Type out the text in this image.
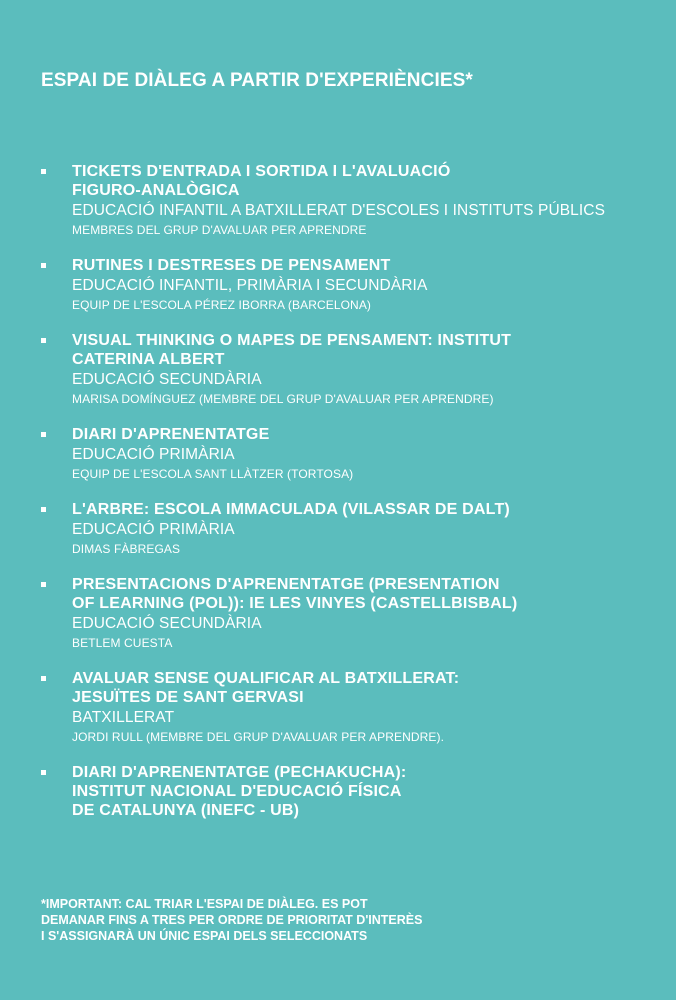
ESPAI DE DIÀLEG A PARTIR D'EXPERIÈNCIES*
TICKETS D'ENTRADA I SORTIDA I L'AVALUACIÓ
FIGURO-ANALÒGICA
EDUCACIÓ INFANTIL A BATXILLERAT D'ESCOLES I INSTITUTS PÚBLICS
MEMBRES DEL GRUP D'AVALUAR PER APRENDRE
RUTINES I DESTRESES DE PENSAMENT
EDUCACIÓ INFANTIL, PRIMÀRIA I SECUNDÀRIA
EQUIP DE L'ESCOLA PÉREZ IBORRA (BARCELONA)
VISUAL THINKING O MAPES DE PENSAMENT: INSTITUT
CATERINA ALBERT
EDUCACIÓ SECUNDÀRIA
MARISA DOMÍNGUEZ (MEMBRE DEL GRUP D'AVALUAR PER APRENDRE)
DIARI D'APRENENTATGE
EDUCACIÓ PRIMÀRIA
EQUIP DE L'ESCOLA SANT LLÀTZER (TORTOSA)
L'ARBRE: ESCOLA IMMACULADA (VILASSAR DE DALT)
EDUCACIÓ PRIMÀRIA
DIMAS FÀBREGAS
PRESENTACIONS D'APRENENTATGE (PRESENTATION
OF LEARNING (POL)): IE LES VINYES (CASTELLBISBAL)
EDUCACIÓ SECUNDÀRIA
BETLEM CUESTA
AVALUAR SENSE QUALIFICAR AL BATXILLERAT:
JESUÏTES DE SANT GERVASI
BATXILLERAT
JORDI RULL (MEMBRE DEL GRUP D'AVALUAR PER APRENDRE).
DIARI D'APRENENTATGE (PECHAKUCHA):
INSTITUT NACIONAL D'EDUCACIÓ FÍSICA
DE CATALUNYA (INEFC - UB)
*IMPORTANT: CAL TRIAR L'ESPAI DE DIÀLEG. ES POT
DEMANAR FINS A TRES PER ORDRE DE PRIORITAT D'INTERÈS
I S'ASSIGNARÀ UN ÚNIC ESPAI DELS SELECCIONATS
